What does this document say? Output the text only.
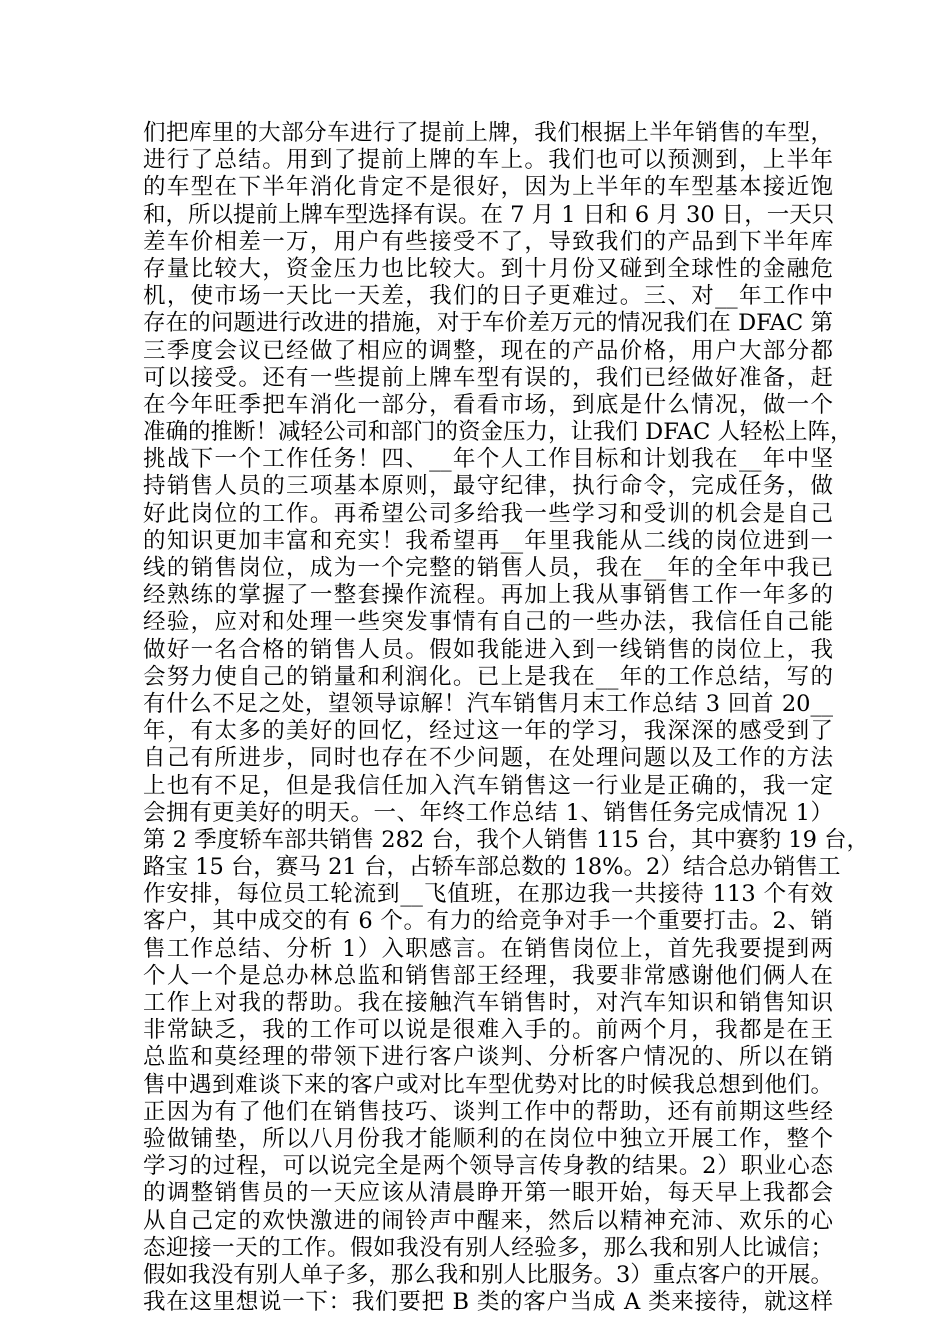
们把库里的大部分车进行了提前上牌，我们根据上半年销售的车型，
进行了总结。用到了提前上牌的车上。我们也可以预测到，上半年
的车型在下半年消化肯定不是很好，因为上半年的车型基本接近饱
和，所以提前上牌车型选择有误。在 7 月 1 日和 6 月 30 日，一天只
差车价相差一万，用户有些接受不了，导致我们的产品到下半年库
存量比较大，资金压力也比较大。到十月份又碰到全球性的金融危
机，使市场一天比一天差，我们的日子更难过。三、对__年工作中
存在的问题进行改进的措施，对于车价差万元的情况我们在 DFAC 第
三季度会议已经做了相应的调整，现在的产品价格，用户大部分都
可以接受。还有一些提前上牌车型有误的，我们已经做好准备，赶
在今年旺季把车消化一部分，看看市场，到底是什么情况，做一个
准确的推断！减轻公司和部门的资金压力，让我们 DFAC 人轻松上阵，
挑战下一个工作任务！四、__年个人工作目标和计划我在__年中坚
持销售人员的三项基本原则，最守纪律，执行命令，完成任务，做
好此岗位的工作。再希望公司多给我一些学习和受训的机会是自己
的知识更加丰富和充实！我希望再__年里我能从二线的岗位进到一
线的销售岗位，成为一个完整的销售人员，我在__年的全年中我已
经熟练的掌握了一整套操作流程。再加上我从事销售工作一年多的
经验，应对和处理一些突发事情有自己的一些办法，我信任自己能
做好一名合格的销售人员。假如我能进入到一线销售的岗位上，我
会努力使自己的销量和利润化。已上是我在__年的工作总结，写的
有什么不足之处，望领导谅解！汽车销售月末工作总结 3 回首 20__
年，有太多的美好的回忆，经过这一年的学习，我深深的感受到了
自己有所进步，同时也存在不少问题，在处理问题以及工作的方法
上也有不足，但是我信任加入汽车销售这一行业是正确的，我一定
会拥有更美好的明天。一、年终工作总结 1、销售任务完成情况 1）
第 2 季度轿车部共销售 282 台，我个人销售 115 台，其中赛豹 19 台，
路宝 15 台，赛马 21 台，占轿车部总数的 18%。2）结合总办销售工
作安排，每位员工轮流到__飞值班，在那边我一共接待 113 个有效
客户，其中成交的有 6 个。有力的给竞争对手一个重要打击。2、销
售工作总结、分析 1）入职感言。在销售岗位上，首先我要提到两
个人一个是总办林总监和销售部王经理，我要非常感谢他们俩人在
工作上对我的帮助。我在接触汽车销售时，对汽车知识和销售知识
非常缺乏，我的工作可以说是很难入手的。前两个月，我都是在王
总监和莫经理的带领下进行客户谈判、分析客户情况的、所以在销
售中遇到难谈下来的客户或对比车型优势对比的时候我总想到他们。
正因为有了他们在销售技巧、谈判工作中的帮助，还有前期这些经
验做铺垫，所以八月份我才能顺利的在岗位中独立开展工作，整个
学习的过程，可以说完全是两个领导言传身教的结果。2）职业心态
的调整销售员的一天应该从清晨睁开第一眼开始，每天早上我都会
从自己定的欢快激进的闹铃声中醒来，然后以精神充沛、欢乐的心
态迎接一天的工作。假如我没有别人经验多，那么我和别人比诚信；
假如我没有别人单子多，那么我和别人比服务。3）重点客户的开展。
我在这里想说一下：我们要把 B 类的客户当成 A 类来接待，就这样
